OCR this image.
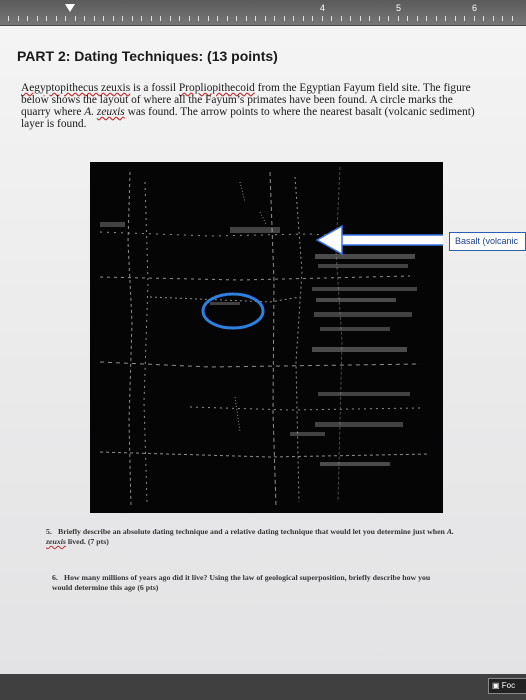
4	5	6
PART 2: Dating Techniques: (13 points)

Aegyptopithecus zeuxis is a fossil Propliopithecoid from the Egyptian Fayum field site. The figure below shows the layout of where all the Fayum’s primates have been found. A circle marks the quarry where A. zeuxis was found. The arrow points to where the nearest basalt (volcanic sediment) layer is found.

Basalt (volcanic
5. Briefly describe an absolute dating technique and a relative dating technique that would let you determine just when A. zeuxis lived. (7 pts)
6. How many millions of years ago did it live? Using the law of geological superposition, briefly describe how you would determine this age (6 pts)
▣ Foc
